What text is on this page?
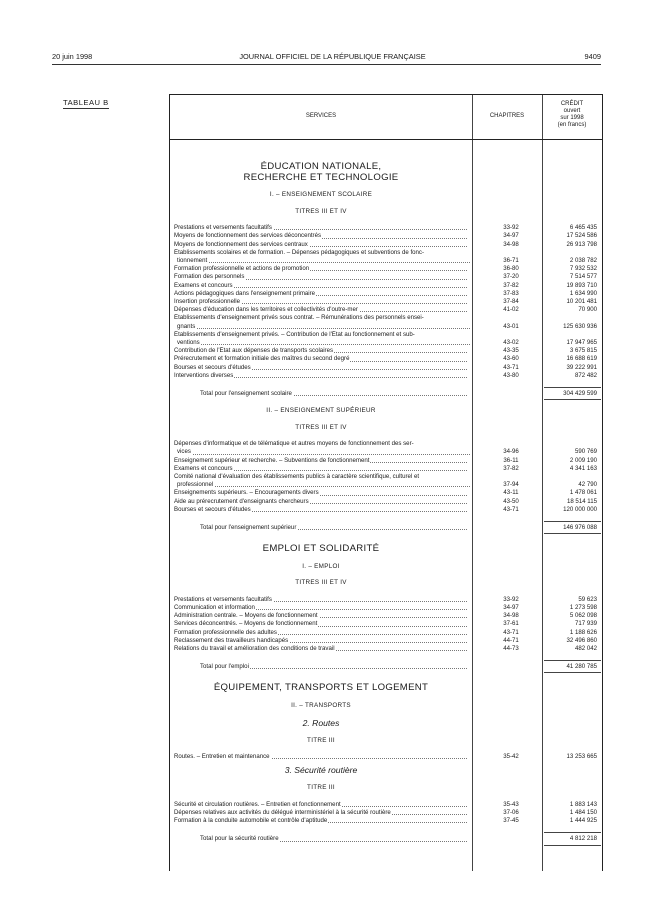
20 juin 1998	JOURNAL OFFICIEL DE LA RÉPUBLIQUE FRANÇAISE	9409
TABLEAU B
SERVICES	CHAPITRES
CRÉDIT
ouvert
sur 1998
(en francs)
ÉDUCATION NATIONALE,
RECHERCHE ET TECHNOLOGIE
I. – ENSEIGNEMENT SCOLAIRE
TITRES III ET IV
Prestations et versements facultatifs	33-92	6 465 435
Moyens de fonctionnement des services déconcentrés	34-97	17 524 586
Moyens de fonctionnement des services centraux	34-98	26 913 798
Établissements scolaires et de formation. – Dépenses pédagogiques et subventions de fonc-
tionnement	36-71	2 038 782
Formation professionnelle et actions de promotion	36-80	7 932 532
Formation des personnels	37-20	7 514 577
Examens et concours	37-82	19 893 710
Actions pédagogiques dans l'enseignement primaire	37-83	1 634 990
Insertion professionnelle	37-84	10 201 481
Dépenses d'éducation dans les territoires et collectivités d'outre-mer	41-02	70 900
Établissements d'enseignement privés sous contrat. – Rémunérations des personnels ensei-
gnants	43-01	125 630 936
Établissements d'enseignement privés. – Contribution de l'État au fonctionnement et sub-
ventions	43-02	17 947 965
Contribution de l'État aux dépenses de transports scolaires	43-35	3 675 815
Prérecrutement et formation initiale des maîtres du second degré	43-60	16 688 619
Bourses et secours d'études	43-71	39 222 991
Interventions diverses	43-80	872 482
Total pour l'enseignement scolaire	304 429 599
II. – ENSEIGNEMENT SUPÉRIEUR
TITRES III ET IV
Dépenses d'informatique et de télématique et autres moyens de fonctionnement des ser-
vices	34-96	590 769
Enseignement supérieur et recherche. – Subventions de fonctionnement	36-11	2 009 190
Examens et concours	37-82	4 341 163
Comité national d'évaluation des établissements publics à caractère scientifique, culturel et
professionnel	37-94	42 790
Enseignements supérieurs. – Encouragements divers	43-11	1 478 061
Aide au prérecrutement d'enseignants chercheurs	43-50	18 514 115
Bourses et secours d'études	43-71	120 000 000
Total pour l'enseignement supérieur	146 976 088
EMPLOI ET SOLIDARITÉ
I. – EMPLOI
TITRES III ET IV
Prestations et versements facultatifs	33-92	59 623
Communication et information	34-97	1 273 598
Administration centrale. – Moyens de fonctionnement	34-98	5 062 098
Services déconcentrés. – Moyens de fonctionnement	37-61	717 939
Formation professionnelle des adultes	43-71	1 188 626
Reclassement des travailleurs handicapés	44-71	32 496 860
Relations du travail et amélioration des conditions de travail	44-73	482 042
Total pour l'emploi	41 280 785
ÉQUIPEMENT, TRANSPORTS ET LOGEMENT
II. – TRANSPORTS
2. Routes
TITRE III
Routes. – Entretien et maintenance	35-42	13 253 665
3. Sécurité routière
TITRE III
Sécurité et circulation routières. – Entretien et fonctionnement	35-43	1 883 143
Dépenses relatives aux activités du délégué interministériel à la sécurité routière	37-06	1 484 150
Formation à la conduite automobile et contrôle d'aptitude	37-45	1 444 925
Total pour la sécurité routière	4 812 218
